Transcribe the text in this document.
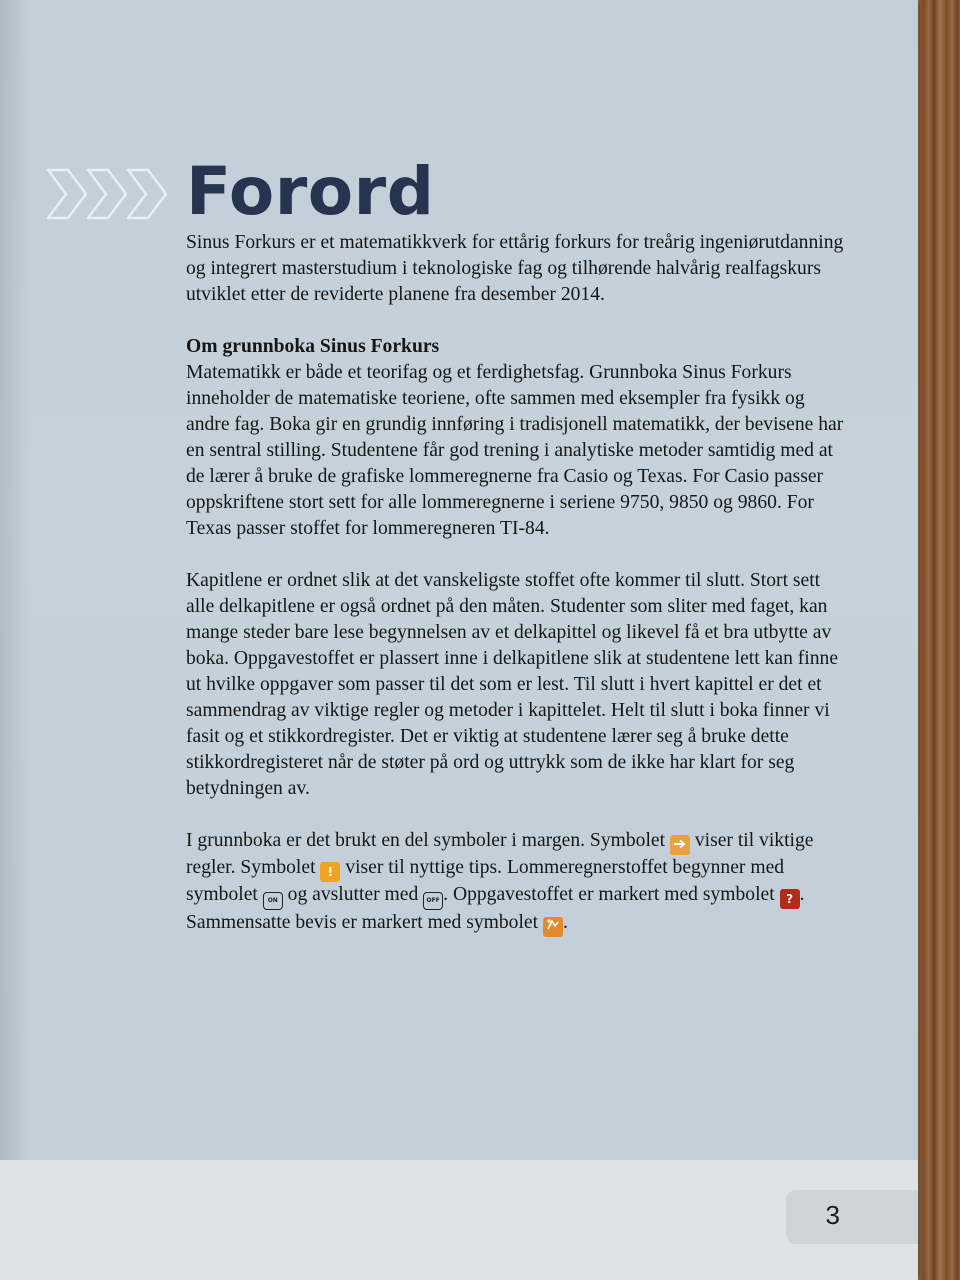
Forord

Sinus Forkurs er et matematikkverk for ettårig forkurs for treårig ingeniørutdanning og integrert masterstudium i teknologiske fag og tilhørende halvårig realfagskurs utviklet etter de reviderte planene fra desember 2014.

Om grunnboka Sinus Forkurs

Matematikk er både et teorifag og et ferdighetsfag. Grunnboka Sinus Forkurs inneholder de matematiske teoriene, ofte sammen med eksempler fra fysikk og andre fag. Boka gir en grundig innføring i tradisjonell matematikk, der bevisene har en sentral stilling. Studentene får god trening i analytiske metoder samtidig med at de lærer å bruke de grafiske lommeregnerne fra Casio og Texas. For Casio passer oppskriftene stort sett for alle lommeregnerne i seriene 9750, 9850 og 9860. For Texas passer stoffet for lommeregneren TI-84.

Kapitlene er ordnet slik at det vanskeligste stoffet ofte kommer til slutt. Stort sett alle delkapitlene er også ordnet på den måten. Studenter som sliter med faget, kan mange steder bare lese begynnelsen av et delkapittel og likevel få et bra utbytte av boka. Oppgavestoffet er plassert inne i delkapitlene slik at studentene lett kan finne ut hvilke oppgaver som passer til det som er lest. Til slutt i hvert kapittel er det et sammendrag av viktige regler og metoder i kapittelet. Helt til slutt i boka finner vi fasit og et stikkordregister. Det er viktig at studentene lærer seg å bruke dette stikkordregisteret når de støter på ord og uttrykk som de ikke har klart for seg betydningen av.

I grunnboka er det brukt en del symboler i margen. Symbolet  viser til viktige regler. Symbolet ! viser til nyttige tips. Lommeregnerstoffet begynner med symbolet ON og avslutter med OFF . Oppgavestoffet er markert med symbolet ? . Sammensatte bevis er markert med symbolet .

3
